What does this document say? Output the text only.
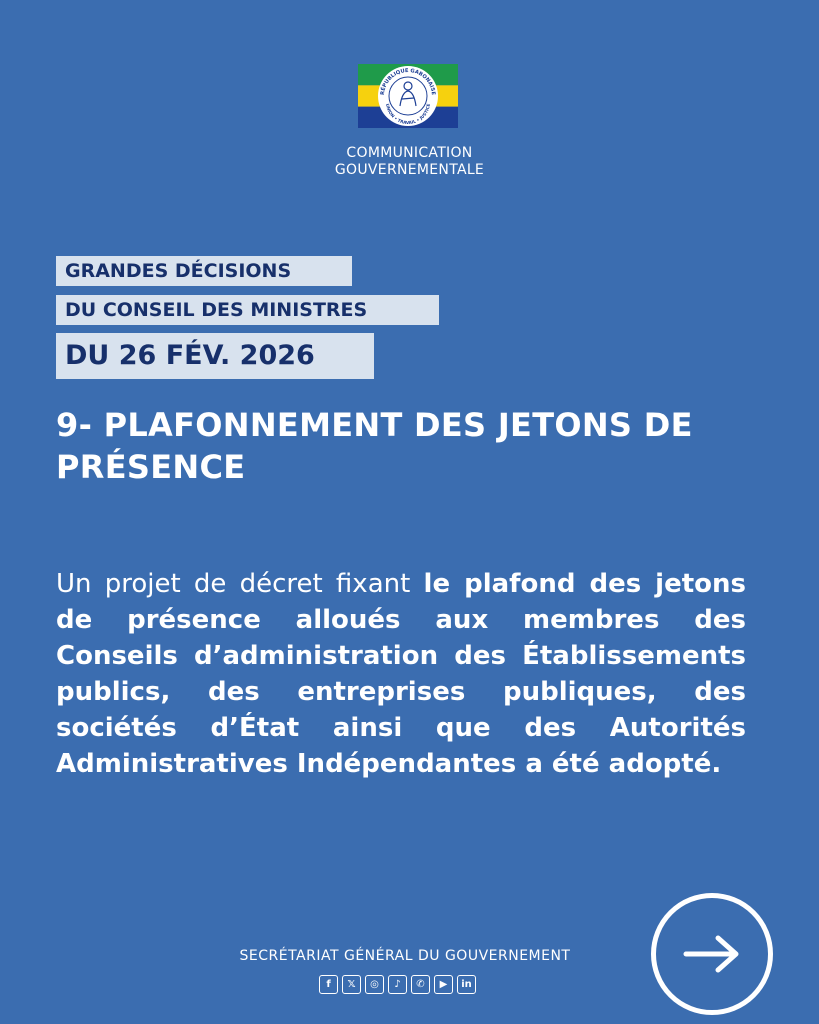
RÉPUBLIQUE GABONAISE
UNION • TRAVAIL • JUSTICE
COMMUNICATION
GOUVERNEMENTALE
GRANDES DÉCISIONS
DU CONSEIL DES MINISTRES
DU 26 FÉV. 2026
9- PLAFONNEMENT DES JETONS DE PRÉSENCE
Un projet de décret fixant le plafond des jetons de présence alloués aux membres des Conseils d’administration des Établissements publics, des entreprises publiques, des sociétés d’État ainsi que des Autorités Administratives Indépendantes a été adopté.
SECRÉTARIAT GÉNÉRAL DU GOUVERNEMENT
f	𝕏	◎	♪	✆	▶	in
